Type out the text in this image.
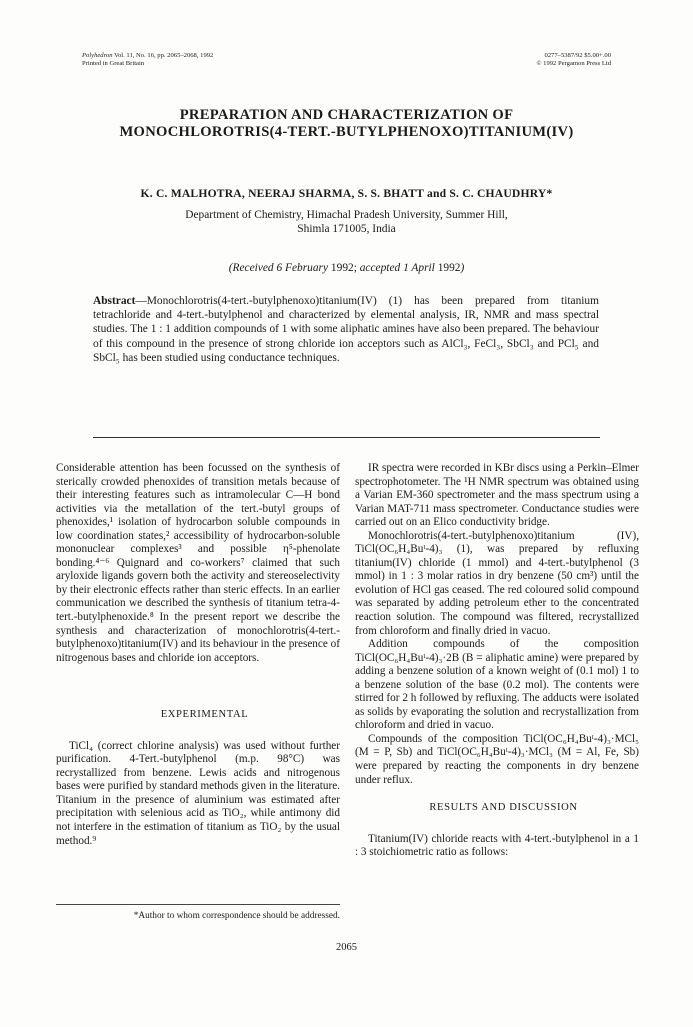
Polyhedron Vol. 11, No. 16, pp. 2065–2068, 1992
Printed in Great Britain
0277–5387/92 $5.00+.00
© 1992 Pergamon Press Ltd
PREPARATION AND CHARACTERIZATION OF MONOCHLOROTRIS(4-TERT.-BUTYLPHENOXO)TITANIUM(IV)
K. C. MALHOTRA, NEERAJ SHARMA, S. S. BHATT and S. C. CHAUDHRY*
Department of Chemistry, Himachal Pradesh University, Summer Hill,
Shimla 171005, India
(Received 6 February 1992; accepted 1 April 1992)
Abstract—Monochlorotris(4-tert.-butylphenoxo)titanium(IV) (1) has been prepared from titanium tetrachloride and 4-tert.-butylphenol and characterized by elemental analysis, IR, NMR and mass spectral studies. The 1 : 1 addition compounds of 1 with some aliphatic amines have also been prepared. The behaviour of this compound in the presence of strong chloride ion acceptors such as AlCl₃, FeCl₃, SbCl₃ and PCl₅ and SbCl₅ has been studied using conductance techniques.

Considerable attention has been focussed on the synthesis of sterically crowded phenoxides of transition metals because of their interesting features such as intramolecular C—H bond activities via the metallation of the tert.-butyl groups of phenoxides,¹ isolation of hydrocarbon soluble compounds in low coordination states,² accessibility of hydrocarbon-soluble mononuclear complexes³ and possible η⁵-phenolate bonding.⁴⁻⁶ Quignard and co-workers⁷ claimed that such aryloxide ligands govern both the activity and stereoselectivity by their electronic effects rather than steric effects. In an earlier communication we described the synthesis of titanium tetra-4-tert.-butylphenoxide.⁸ In the present report we describe the synthesis and characterization of monochlorotris(4-tert.-butylphenoxo)titanium(IV) and its behaviour in the presence of nitrogenous bases and chloride ion acceptors.

EXPERIMENTAL

TiCl₄ (correct chlorine analysis) was used without further purification. 4-Tert.-butylphenol (m.p. 98°C) was recrystallized from benzene. Lewis acids and nitrogenous bases were purified by standard methods given in the literature. Titanium in the presence of aluminium was estimated after precipitation with selenious acid as TiO₂, while antimony did not interfere in the estimation of titanium as TiO₂ by the usual method.⁹

IR spectra were recorded in KBr discs using a Perkin–Elmer spectrophotometer. The ¹H NMR spectrum was obtained using a Varian EM-360 spectrometer and the mass spectrum using a Varian MAT-711 mass spectrometer. Conductance studies were carried out on an Elico conductivity bridge.

Monochlorotris(4-tert.-butylphenoxo)titanium (IV), TiCl(OC₆H₄Buᵗ-4)₃ (1), was prepared by refluxing titanium(IV) chloride (1 mmol) and 4-tert.-butylphenol (3 mmol) in 1 : 3 molar ratios in dry benzene (50 cm³) until the evolution of HCl gas ceased. The red coloured solid compound was separated by adding petroleum ether to the concentrated reaction solution. The compound was filtered, recrystallized from chloroform and finally dried in vacuo.

Addition compounds of the composition TiCl(OC₆H₄Buᵗ-4)₃·2B (B = aliphatic amine) were prepared by adding a benzene solution of a known weight of (0.1 mol) 1 to a benzene solution of the base (0.2 mol). The contents were stirred for 2 h followed by refluxing. The adducts were isolated as solids by evaporating the solution and recrystallization from chloroform and dried in vacuo.

Compounds of the composition TiCl(OC₆H₄Buᵗ-4)₃·MCl₅ (M = P, Sb) and TiCl(OC₆H₄Buᵗ-4)₃·MCl₃ (M = Al, Fe, Sb) were prepared by reacting the components in dry benzene under reflux.

RESULTS AND DISCUSSION

Titanium(IV) chloride reacts with 4-tert.-butylphenol in a 1 : 3 stoichiometric ratio as follows:

*Author to whom correspondence should be addressed.
2065
